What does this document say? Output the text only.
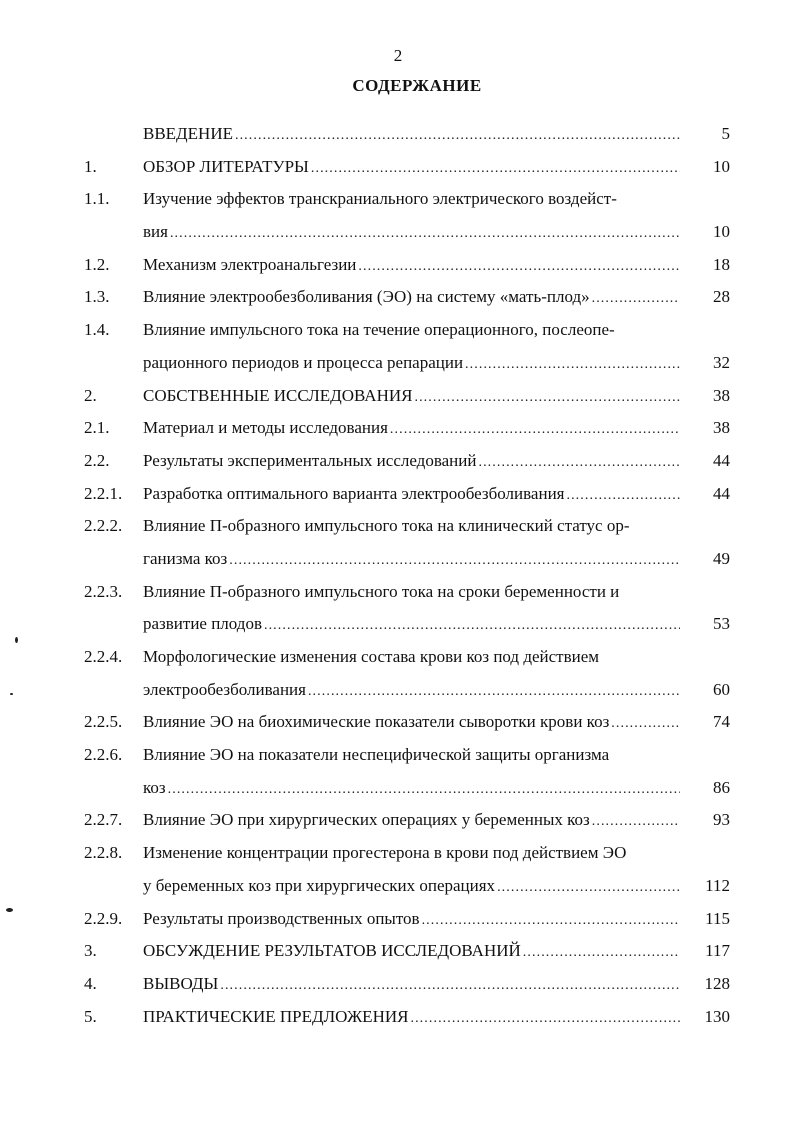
2
СОДЕРЖАНИЕ
ВВЕДЕНИЕ . . .	5
1.	ОБЗОР ЛИТЕРАТУРЫ . . .	10
1.1. Изучение эффектов транскраниального электрического воздейст-
вия . . .	10
1.2. Механизм электроанальгезии . . .	18
1.3. Влияние электрообезболивания (ЭО) на систему «мать-плод» . . .	28
1.4. Влияние импульсного тока на течение операционного, послеопе-
рационного периодов и процесса репарации . . .	32
2.	СОБСТВЕННЫЕ ИССЛЕДОВАНИЯ . . .	38
2.1. Материал и методы исследования . . .	38
2.2. Результаты экспериментальных исследований . . .	44
2.2.1. Разработка оптимального варианта электрообезболивания . . .	44
2.2.2. Влияние П-образного импульсного тока на клинический статус ор-
ганизма коз . . .	49
2.2.3. Влияние П-образного импульсного тока на сроки беременности и
развитие плодов . . .	53
2.2.4. Морфологические изменения состава крови коз под действием
электрообезболивания . . .	60
2.2.5. Влияние ЭО на биохимические показатели сыворотки крови коз . . .	74
2.2.6. Влияние ЭО на показатели неспецифической защиты организма
коз . . .	86
2.2.7. Влияние ЭО при хирургических операциях у беременных коз . . .	93
2.2.8. Изменение концентрации прогестерона в крови под действием ЭО
у беременных коз при хирургических операциях . . .	112
2.2.9. Результаты производственных опытов . . .	115
3.	ОБСУЖДЕНИЕ РЕЗУЛЬТАТОВ ИССЛЕДОВАНИЙ . . .	117
4.	ВЫВОДЫ . . .	128
5.	ПРАКТИЧЕСКИЕ ПРЕДЛОЖЕНИЯ . . .	130
